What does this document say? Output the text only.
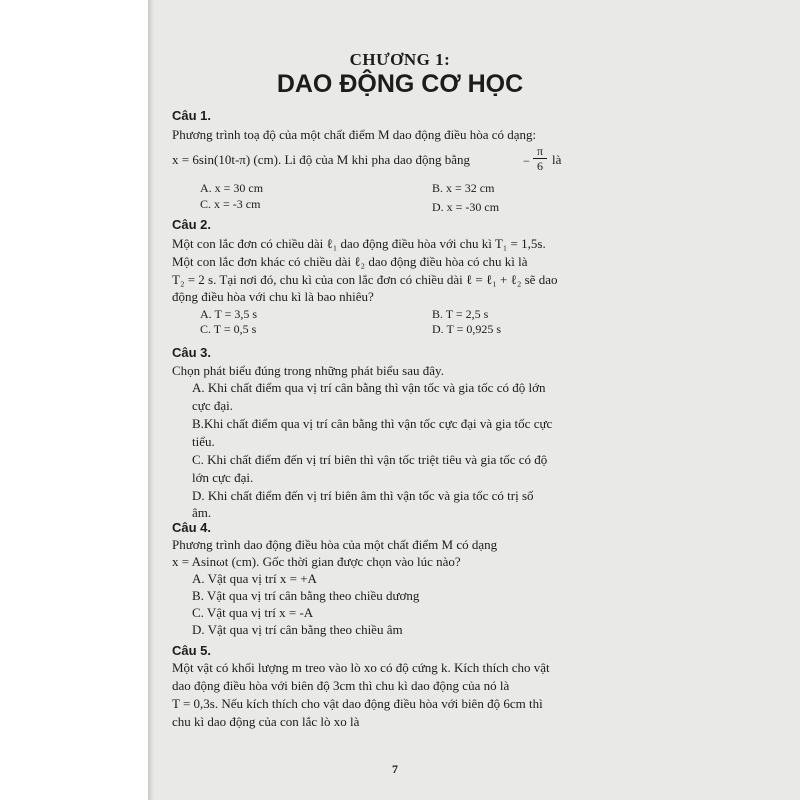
CHƯƠNG 1:
DAO ĐỘNG CƠ HỌC
Câu 1.
Phương trình toạ độ của một chất điểm M dao động điều hòa có dạng:
x = 6sin(10t-π) (cm). Li độ của M khi pha dao động bằng	− $\frac{\pi}{6}$ là
A. x = 30 cm	B. x = 32 cm
C. x = -3 cm	D. x = -30 cm
Câu 2.
Một con lắc đơn có chiều dài ℓ₁ dao động điều hòa với chu kì T₁ = 1,5s.
Một con lắc đơn khác có chiều dài ℓ₂ dao động điều hòa có chu kì là
T₂ = 2 s. Tại nơi đó, chu kì của con lắc đơn có chiều dài ℓ = ℓ₁ + ℓ₂ sẽ dao
động điều hòa với chu kì là bao nhiêu?
A. T = 3,5 s	B. T = 2,5 s
C. T = 0,5 s	D. T = 0,925 s
Câu 3.
Chọn phát biểu đúng trong những phát biểu sau đây.
A. Khi chất điểm qua vị trí cân bằng thì vận tốc và gia tốc có độ lớn
cực đại.
B.Khi chất điểm qua vị trí cân bằng thì vận tốc cực đại và gia tốc cực
tiểu.
C. Khi chất điểm đến vị trí biên thì vận tốc triệt tiêu và gia tốc có độ
lớn cực đại.
D. Khi chất điểm đến vị trí biên âm thì vận tốc và gia tốc có trị số
âm.
Câu 4.
Phương trình dao động điều hòa của một chất điểm M có dạng
x = Asinωt (cm). Gốc thời gian được chọn vào lúc nào?
A. Vật qua vị trí x = +A
B. Vật qua vị trí cân bằng theo chiều dương
C. Vật qua vị trí x = -A
D. Vật qua vị trí cân bằng theo chiều âm
Câu 5.
Một vật có khối lượng m treo vào lò xo có độ cứng k. Kích thích cho vật
dao động điều hòa với biên độ 3cm thì chu kì dao động của nó là
T = 0,3s. Nếu kích thích cho vật dao động điều hòa với biên độ 6cm thì
chu kì dao động của con lắc lò xo là
7
